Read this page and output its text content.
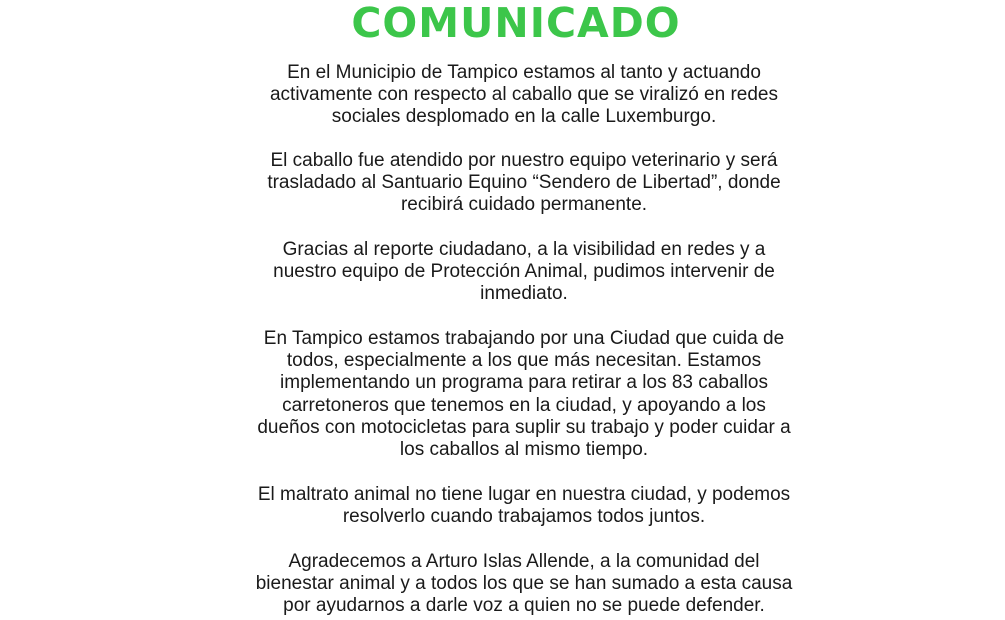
COMUNICADO

En el Municipio de Tampico estamos al tanto y actuando
activamente con respecto al caballo que se viralizó en redes
sociales desplomado en la calle Luxemburgo.

El caballo fue atendido por nuestro equipo veterinario y será
trasladado al Santuario Equino “Sendero de Libertad”, donde
recibirá cuidado permanente.

Gracias al reporte ciudadano, a la visibilidad en redes y a
nuestro equipo de Protección Animal, pudimos intervenir de
inmediato.

En Tampico estamos trabajando por una Ciudad que cuida de
todos, especialmente a los que más necesitan. Estamos
implementando un programa para retirar a los 83 caballos
carretoneros que tenemos en la ciudad, y apoyando a los
dueños con motocicletas para suplir su trabajo y poder cuidar a
los caballos al mismo tiempo.

El maltrato animal no tiene lugar en nuestra ciudad, y podemos
resolverlo cuando trabajamos todos juntos.

Agradecemos a Arturo Islas Allende, a la comunidad del
bienestar animal y a todos los que se han sumado a esta causa
por ayudarnos a darle voz a quien no se puede defender.
